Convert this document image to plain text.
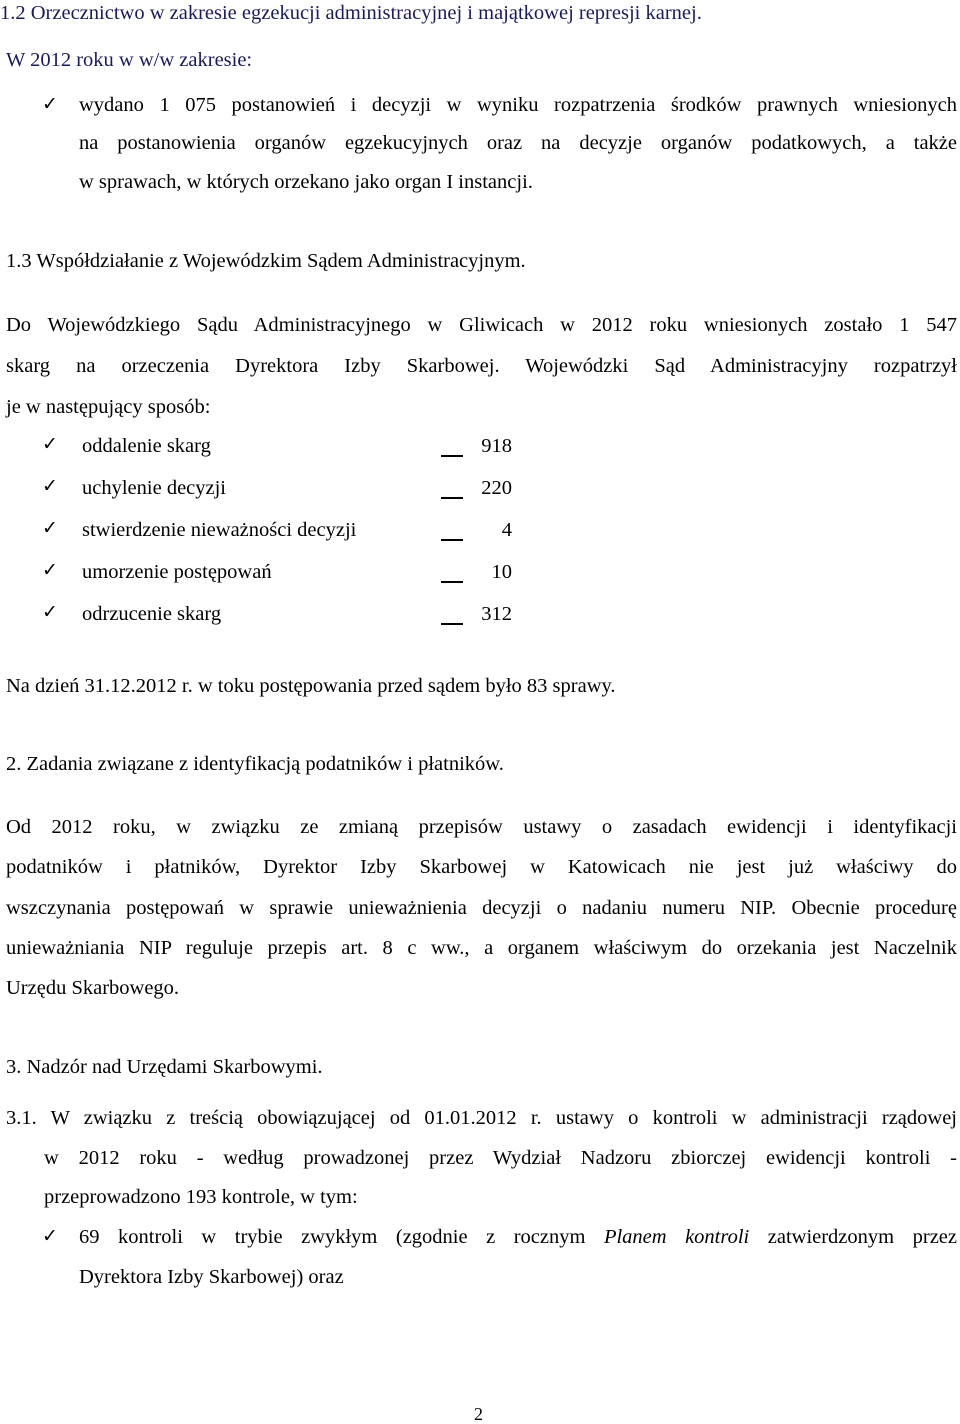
1.2 Orzecznictwo w zakresie egzekucji administracyjnej i majątkowej represji karnej.
W 2012 roku w w/w zakresie:
✓ wydano 1 075 postanowień i decyzji w wyniku rozpatrzenia środków prawnych wniesionych
na postanowienia organów egzekucyjnych oraz na decyzje organów podatkowych, a także
w sprawach, w których orzekano jako organ I instancji.
1.3 Współdziałanie z Wojewódzkim Sądem Administracyjnym.
Do Wojewódzkiego Sądu Administracyjnego w Gliwicach w 2012 roku wniesionych zostało 1 547
skarg na orzeczenia Dyrektora Izby Skarbowej. Wojewódzki Sąd Administracyjny rozpatrzył
je w następujący sposób:
✓ oddalenie skarg	918
✓ uchylenie decyzji	220
✓ stwierdzenie nieważności decyzji	4
✓ umorzenie postępowań	10
✓ odrzucenie skarg	312
Na dzień 31.12.2012 r. w toku postępowania przed sądem było 83 sprawy.
2. Zadania związane z identyfikacją podatników i płatników.
Od 2012 roku, w związku ze zmianą przepisów ustawy o zasadach ewidencji i identyfikacji
podatników i płatników, Dyrektor Izby Skarbowej w Katowicach nie jest już właściwy do
wszczynania postępowań w sprawie unieważnienia decyzji o nadaniu numeru NIP. Obecnie procedurę
unieważniania NIP reguluje przepis art. 8 c ww., a organem właściwym do orzekania jest Naczelnik
Urzędu Skarbowego.
3. Nadzór nad Urzędami Skarbowymi.
3.1. W związku z treścią obowiązującej od 01.01.2012 r. ustawy o kontroli w administracji rządowej
w 2012 roku - według prowadzonej przez Wydział Nadzoru zbiorczej ewidencji kontroli -
przeprowadzono 193 kontrole, w tym:
✓ 69 kontroli w trybie zwykłym (zgodnie z rocznym Planem kontroli zatwierdzonym przez
Dyrektora Izby Skarbowej) oraz
2
